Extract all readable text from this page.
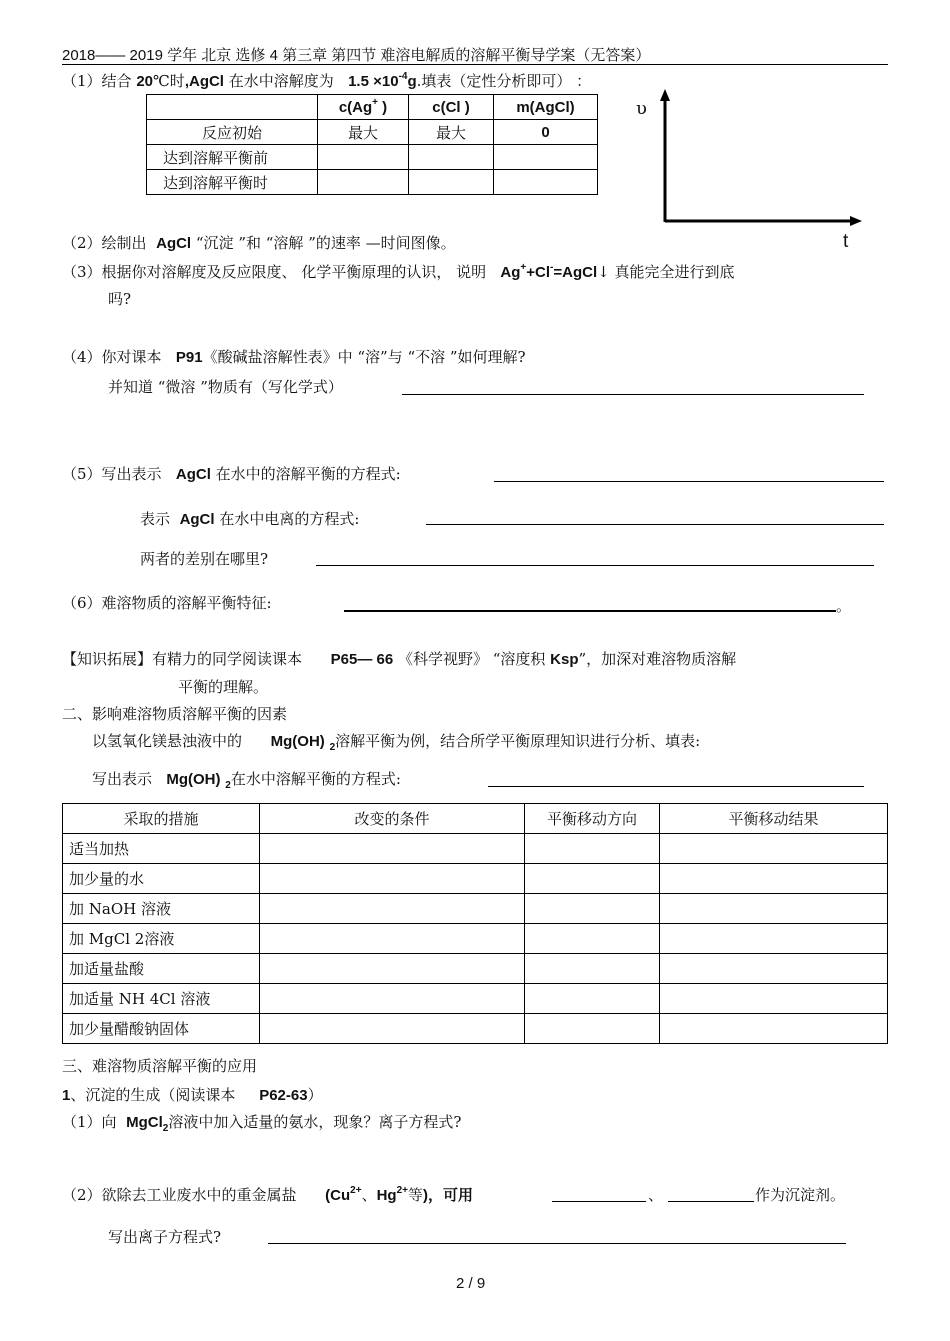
2018—— 2019 学年 北京 选修 4 第三章 第四节 难溶电解质的溶解平衡导学案（无答案）
（1）结合 20℃时,AgCl 在水中溶解度为 $1.5 \times 10^{-4}g$.填表（定性分析即可） ：
	c(Ag+ )	c(Cl )	m(AgCl)
反应初始	最大	最大	0
达到溶解平衡前			
达到溶解平衡时			
υ
t
（2）绘制出 AgCl “沉淀 ”和 “溶解 ”的速率 —时间图像。
（3）根据你对溶解度及反应限度、 化学平衡原理的认识， 说明 Ag++Cl-=AgCl↓ 真能完全进行到底
吗?
（4）你对课本 P91《酸碱盐溶解性表》中 “溶”与 “不溶 ”如何理解?
并知道 “微溶 ”物质有（写化学式）
（5）写出表示 AgCl 在水中的溶解平衡的方程式:
表示 AgCl 在水中电离的方程式:
两者的差别在哪里?
（6）难溶物质的溶解平衡特征:	。
【知识拓展】有精力的同学阅读课本 P65— 66 《科学视野》 “溶度积 Ksp”，加深对难溶物质溶解
平衡的理解。
二、影响难溶物质溶解平衡的因素
以氢氧化镁悬浊液中的 Mg(OH) $_2$溶解平衡为例，结合所学平衡原理知识进行分析、填表:
写出表示 Mg(OH) $_2$在水中溶解平衡的方程式:
采取的措施	改变的条件	平衡移动方向	平衡移动结果
适当加热			
加少量的水			
加 NaOH 溶液			
加 MgCl 2溶液			
加适量盐酸			
加适量 NH 4Cl 溶液			
加少量醋酸钠固体			
三、难溶物质溶解平衡的应用
1、沉淀的生成（阅读课本 P62-63）
（1）向 MgCl$_2$溶液中加入适量的氨水，现象？离子方程式?
（2）欲除去工业废水中的重金属盐 ($Cu^{2+}$、$Hg^{2+}$等)，可用	、	作为沉淀剂。
写出离子方程式?
2 / 9
